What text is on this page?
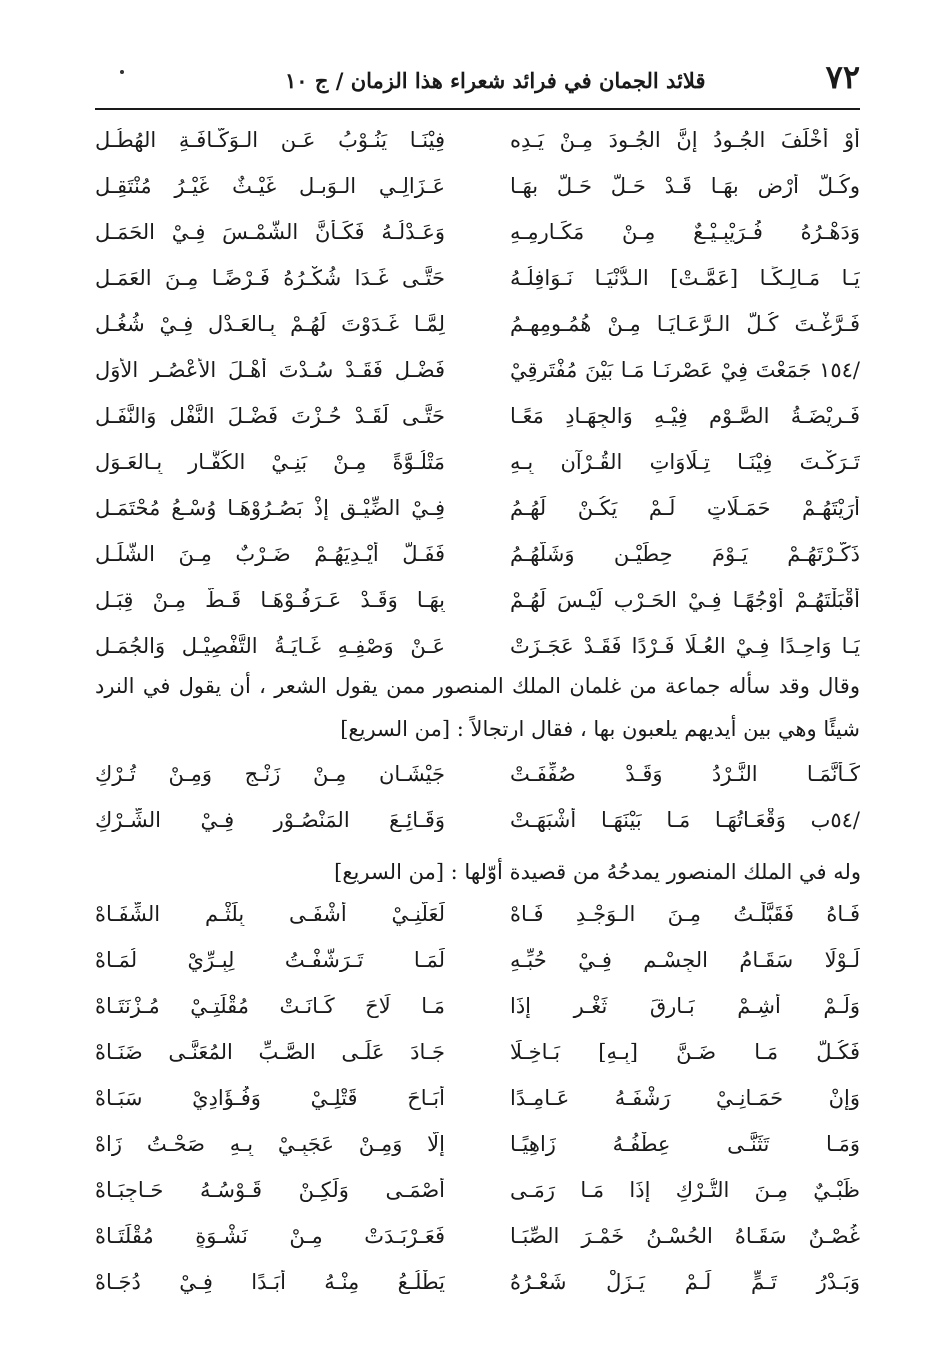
٧٢
قلائد الجمان في فرائد شعراء هذا الزمان / ج ١٠
أَوْ أَخْلَفَ الجُـودُ إنَّ الجُـودَ مِـنْ يَـدِه
فِيْنَـا يَنُـوْبُ عَـنِ الـوَكَّـافَـةِ الهُطُـلِ
وكُـلُّ أَرْضٍ بهَـا قَـدْ حَـلَّ حَـلَّ بهَـا
عَـزَالِـي الـوَبـلِ غَيْـثٌ غَيْـرُ مُنْتَقِـلِ
وَدَهْـرُهُ فُـرَيْبِـيْـعٌ مِـنْ مَكَـارِمِـهِ
وَعَـدْلُـهُ فَكَـأَنَّ الشَّمْـسَ فِـيْ الحَمَـلِ
يَـا مَـالِـكًـا [عَمَّـتْ] الـدُّنْيَـا نَـوَافِلُـهُ
حَتَّـى غَـدَا شُكْـرُهُ فَـرْضًـا مِـنَ العَمَـلِ
فَـرَّغْـتَ كُـلَّ الـرَّعَـايَـا مِـنْ هُمُـومِهِـمُ
لِمَّـا غَـدَوْتَ لَهُـمْ بِـالعَـدْلِ فِـيْ شُغُـلِ
/١٥٤ جَمَعْتَ فِيْ عَصْرِنَـا مَـا بَيْنَ مُفْتَرِقِيْ
فَضْـلٍ فَقَـدْ سُـدْتَ أَهْـلَ الأَعْصُـرِ الأُوَلِ
فَـرِيْضَـةُ الصَّـوْمِ فِيْـهِ وَالجِهَـادِ مَعًـا
حَتَّـى لَقَـدْ حُـزْتَ فَضْـلَ النَّفْلِ وَالنَّفَـلِ
تَـرَكْـتَ فِيْنَـا تِـلَاوَاتِ القُـرْآنِ بِـهِ
مَتْلُـوَّةً مِـنْ بَنِـيْ الكُفَّـارِ بِـالعَـوَلِ
أَرَيْتَهُـمْ حَمَـلَاتٍ لَـمْ يَكُـنْ لَهُـمُ
فِـيْ الضِّيْـقِ إِذْ بَصُـرُوْهَـا وُسْـعُ مُحْتَمَـلِ
ذَكَّـرْتَهُـمْ يَـوْمَ حِطِّيْـنٍ وَشَلَّهُـمُ
فَفَـلَّ أَيْـدِيَهُـمْ ضَـرْبٌ مِـنَ الشَّلَـلِ
أَقْبَلْتَهُـمْ أَوْجُهًـا فِـيْ الحَـرْبِ لَيْـسَ لَهُـمْ
بِهَـا وَقَـدْ عَـرَفُـوْهَـا قَـطُّ مِـنْ قِبَـلِ
يَـا وَاحِـدًا فِـيْ العُـلَا فَـرْدًا فَقَـدْ عَجَـزَتْ
عَـنْ وَصْفِـهِ غَـايَـةُ التَّفْصِيْـلِ وَالجُمَـلِ
وقال وقد سأله جماعة من غلمان الملك المنصور ممن يقول الشعر ، أن يقول في النرد
شيئًا وهي بين أيديهم يلعبون بها ، فقال ارتجالاً : [من السريع]
كَـأَنَّمَـا النَّـرْدُ وَقَـدْ صُفِّفَـتْ
جَيْشَـانِ مِـنْ زَنْـجٍ وَمِـنْ تُـرْكِ
/٥٤ب وَقْعَـاتُهَـا مَـا بَيْنَهَـا أَشْبَهَـتْ
وَقَـائِـعَ المَنْصُـوْرِ فِـيْ الشِّـرْكِ
وله في الملك المنصور يمدحُهُ من قصيدة أوّلها : [من السريع]
فَـاهُ فَقَبَّلْـتُ مِـنَ الـوَجْـدِ فَـاهْ
لَعَلَّنِـيْ أَشْفَـى بِلَثْـمِ الشِّفَـاهْ
لَـوْلَا سَقَـامُ الجِسْـمِ فِـيْ حُبِّـهِ
لَمَـا تَـرَشَّفْـتُ لِبِـرِّيْ لُمَـاهْ
وَلَـمْ أَشِـمْ بَـارِقَ ثَغْـرٍ إِذَا
مَـا لَاحَ كَـانَـتْ مُقْلَتِـيْ مُـزْنَتَـاهْ
فَكُـلُّ مَـا ضَـنَّ [بِـهِ] بَـاخِـلًا
جَـادَ عَلَـى الصَّـبِّ المُعَنَّـى ضَنَـاهْ
وَإِنْ حَمَـانِـيْ رَشْفَـهُ عَـامِـدًا
أَبَـاحَ قَتْلِـيْ وَفُـؤَادِيْ سَبَـاهْ
وَمَـا تَثَنَّـى عِطْفُـهُ زَاهِيًـا
إِلَّا وَمِـنْ عَجَبِـيْ بِـهِ صَحْـتُ زَاهْ
ظَبْـيٌ مِـنَ التُّـرْكِ إِذَا مَـا رَمَـى
أَصْمَـى وَلَكِـنْ قَـوْسُـهُ حَـاجِبَـاهْ
غُصْـنٌ سَقَـاهُ الحُسْـنُ خَمْـرَ الصِّبَـا
فَعَـرْبَـدَتْ مِـنْ نَشْـوَةٍ مُقْلَتَـاهْ
وَبَـدْرُ تَـمٍّ لَـمْ يَـزَلْ شَعْـرُهُ
يَطْلُـعُ مِنْـهُ أَبَـدًا فِـيْ دُجَـاهْ
